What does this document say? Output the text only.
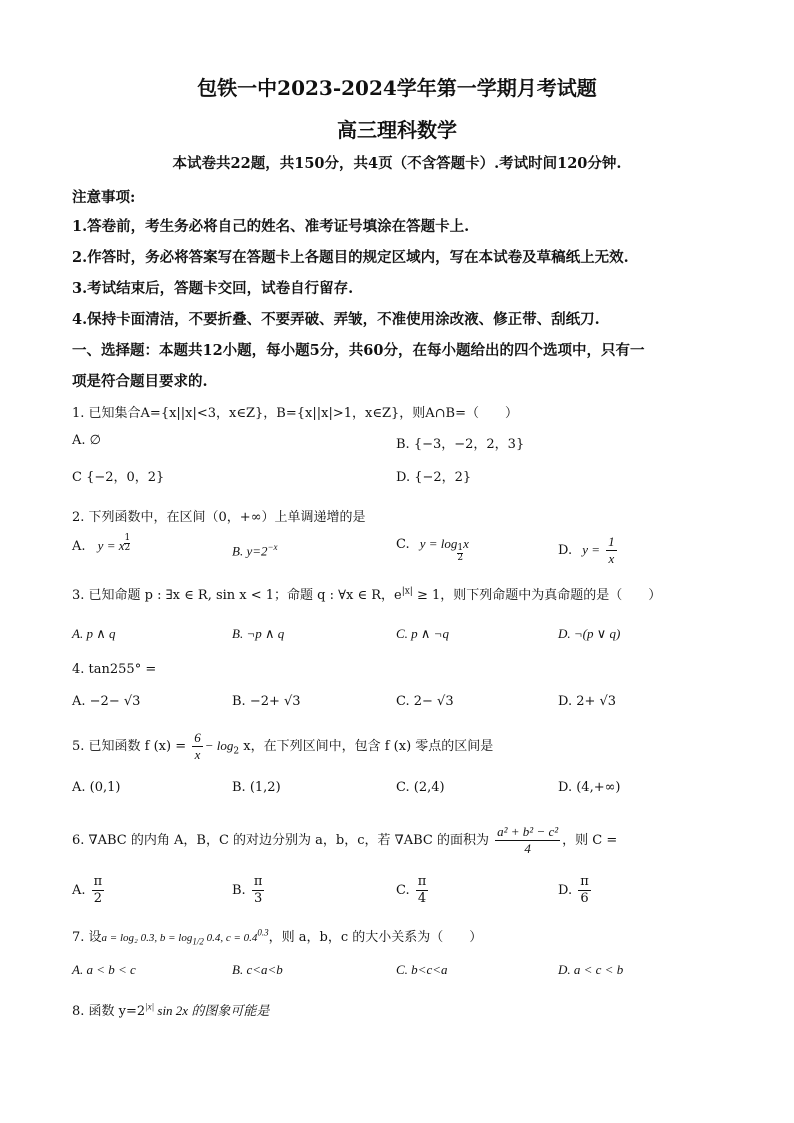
包铁一中2023-2024学年第一学期月考试题
高三理科数学
本试卷共22题，共150分，共4页（不含答题卡）.考试时间120分钟.
注意事项:
1.答卷前，考生务必将自己的姓名、准考证号填涂在答题卡上.
2.作答时，务必将答案写在答题卡上各题目的规定区域内，写在本试卷及草稿纸上无效.
3.考试结束后，答题卡交回，试卷自行留存.
4.保持卡面清洁，不要折叠、不要弄破、弄皱，不准使用涂改液、修正带、刮纸刀.
一、选择题：本题共12小题，每小题5分，共60分，在每小题给出的四个选项中，只有一
项是符合题目要求的.
1. 已知集合A={x||x|<3，x∈Z}，B={x||x|>1，x∈Z}，则A∩B=（　　）
A. ∅	B. {−3，−2，2，3}
C {−2，0，2}	D. {−2，2}
2. 下列函数中，在区间（0，+∞）上单调递增的是
A. y = x $\frac{1}{2}$	B. $y=2^{-x}$	C. y = log
$\frac{1}{2}$
x	D. $y = \frac{1}{x}$
3. 已知命题 p : ∃x ∈ R, sin x < 1；命题 q : ∀x ∈ R，$e^{|x|} \ge 1$，则下列命题中为真命题的是（　　）
A. p ∧ q	B. ¬p ∧ q	C. p ∧ ¬q	D. ¬(p ∨ q)
4. tan255° =
A. −2− √3	B. −2+ √3	C. 2− √3	D. 2+ √3
5. 已知函数 f $(x) = \frac{6}{x} - \log_2 x$，在下列区间中，包含 f (x) 零点的区间是
A. (0,1)	B. (1,2)	C. (2,4)	D. (4,+∞)
6. ∇ABC 的内角 A，B，C 的对边分别为 a，b，c，若 ∇ABC 的面积为 $\frac{\text{a² + b² − c²}}{4}$ ，则 C =
A. $\frac{\pi}{2}$	B. $\frac{\pi}{3}$	C. $\frac{\pi}{4}$	D. $\frac{\pi}{6}$
7. 设a = log₂ 0.3, $b = \log_{1/2} 0.4$, $c = 0.4^{0.3}$，则 a，b，c 的大小关系为（　　）
A. a < b < c	B. c<a<b	C. b<c<a	D. a < c < b
8. 函数 $y=2^{|x|}$ sin 2x 的图象可能是
